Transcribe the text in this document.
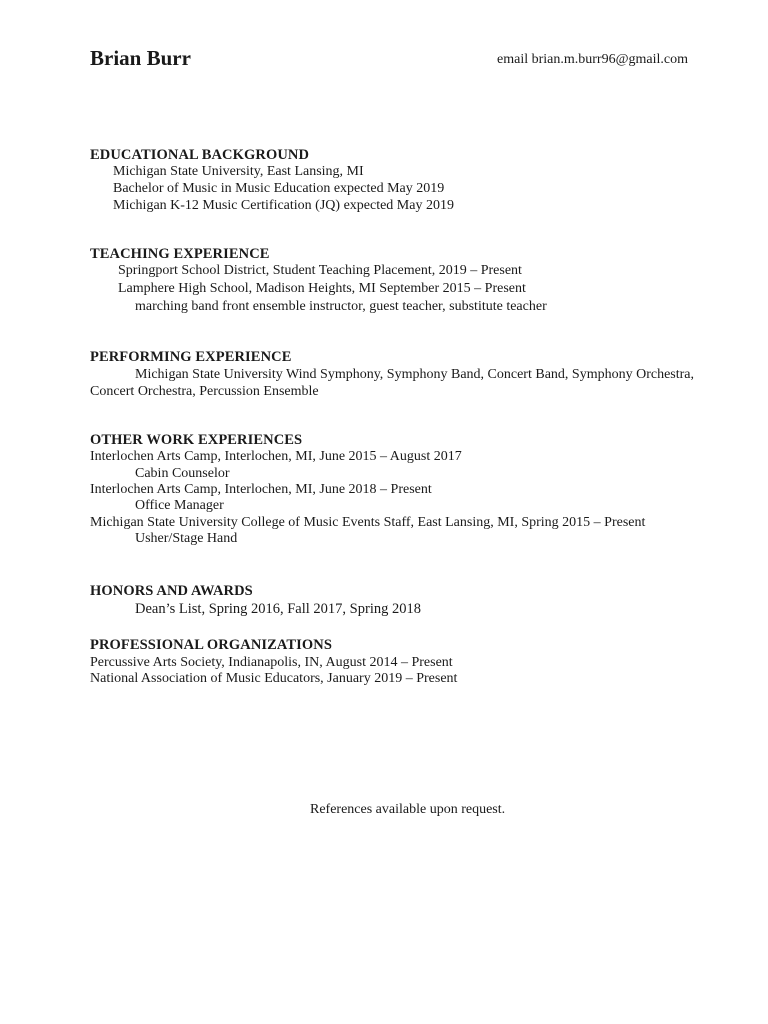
Brian Burr	email brian.m.burr96@gmail.com
EDUCATIONAL BACKGROUND
Michigan State University, East Lansing, MI
Bachelor of Music in Music Education expected May 2019
Michigan K-12 Music Certification (JQ) expected May 2019
TEACHING EXPERIENCE
Springport School District, Student Teaching Placement, 2019 – Present
Lamphere High School, Madison Heights, MI September 2015 – Present
marching band front ensemble instructor, guest teacher, substitute teacher
PERFORMING EXPERIENCE
Michigan State University Wind Symphony, Symphony Band, Concert Band, Symphony Orchestra,
Concert Orchestra, Percussion Ensemble
OTHER WORK EXPERIENCES
Interlochen Arts Camp, Interlochen, MI, June 2015 – August 2017
Cabin Counselor
Interlochen Arts Camp, Interlochen, MI, June 2018 – Present
Office Manager
Michigan State University College of Music Events Staff, East Lansing, MI, Spring 2015 – Present
Usher/Stage Hand
HONORS AND AWARDS
Dean’s List, Spring 2016, Fall 2017, Spring 2018
PROFESSIONAL ORGANIZATIONS
Percussive Arts Society, Indianapolis, IN, August 2014 – Present
National Association of Music Educators, January 2019 – Present
References available upon request.
